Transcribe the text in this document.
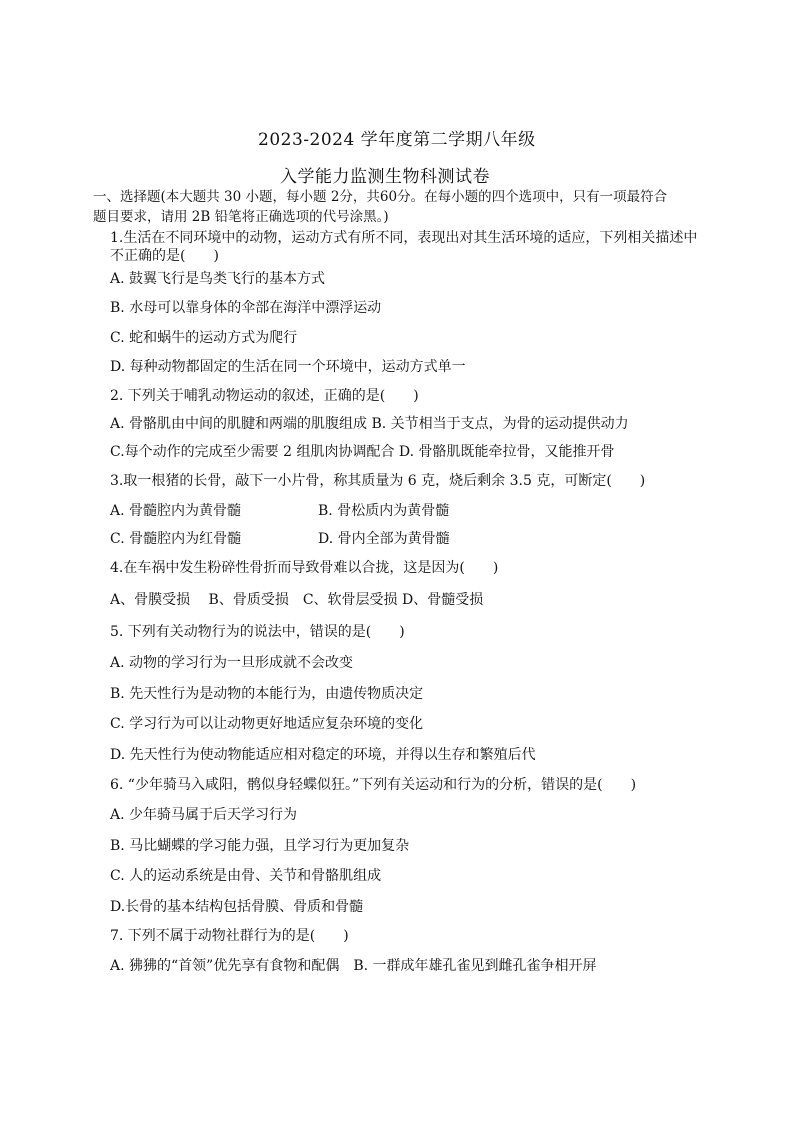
2023-2024 学年度第二学期八年级
入学能力监测生物科测试卷
一、选择题(本大题共 30 小题，每小题 2分，共60分。在每小题的四个选项中，只有一项最符合
题目要求，请用 2B 铅笔将正确选项的代号涂黑。)
1.生活在不同环境中的动物，运动方式有所不同，表现出对其生活环境的适应，下列相关描述中
不正确的是(　　)
A. 鼓翼飞行是鸟类飞行的基本方式
B. 水母可以靠身体的伞部在海洋中漂浮运动
C. 蛇和蜗牛的运动方式为爬行
D. 每种动物都固定的生活在同一个环境中，运动方式单一
2. 下列关于哺乳动物运动的叙述，正确的是(　　)
A. 骨骼肌由中间的肌腱和两端的肌腹组成 B. 关节相当于支点，为骨的运动提供动力
C.每个动作的完成至少需要 2 组肌肉协调配合 D. 骨骼肌既能牵拉骨，又能推开骨
3.取一根猪的长骨，敲下一小片骨，称其质量为 6 克，烧后剩余 3.5 克，可断定(　　)
A. 骨髓腔内为黄骨髓	B. 骨松质内为黄骨髓
C. 骨髓腔内为红骨髓	D. 骨内全部为黄骨髓
4.在车祸中发生粉碎性骨折而导致骨难以合拢，这是因为(　　)
A、骨膜受损　 B、骨质受损　C、软骨层受损 D、骨髓受损
5. 下列有关动物行为的说法中，错误的是(　　)
A. 动物的学习行为一旦形成就不会改变
B. 先天性行为是动物的本能行为，由遗传物质决定
C. 学习行为可以让动物更好地适应复杂环境的变化
D. 先天性行为使动物能适应相对稳定的环境，并得以生存和繁殖后代
6. “少年骑马入咸阳，鹘似身轻蝶似狂。”下列有关运动和行为的分析，错误的是(　　)
A. 少年骑马属于后天学习行为
B. 马比蝴蝶的学习能力强，且学习行为更加复杂
C. 人的运动系统是由骨、关节和骨骼肌组成
D.长骨的基本结构包括骨膜、骨质和骨髓
7. 下列不属于动物社群行为的是(　　)
A. 狒狒的“首领”优先享有食物和配偶　B. 一群成年雄孔雀见到雌孔雀争相开屏
